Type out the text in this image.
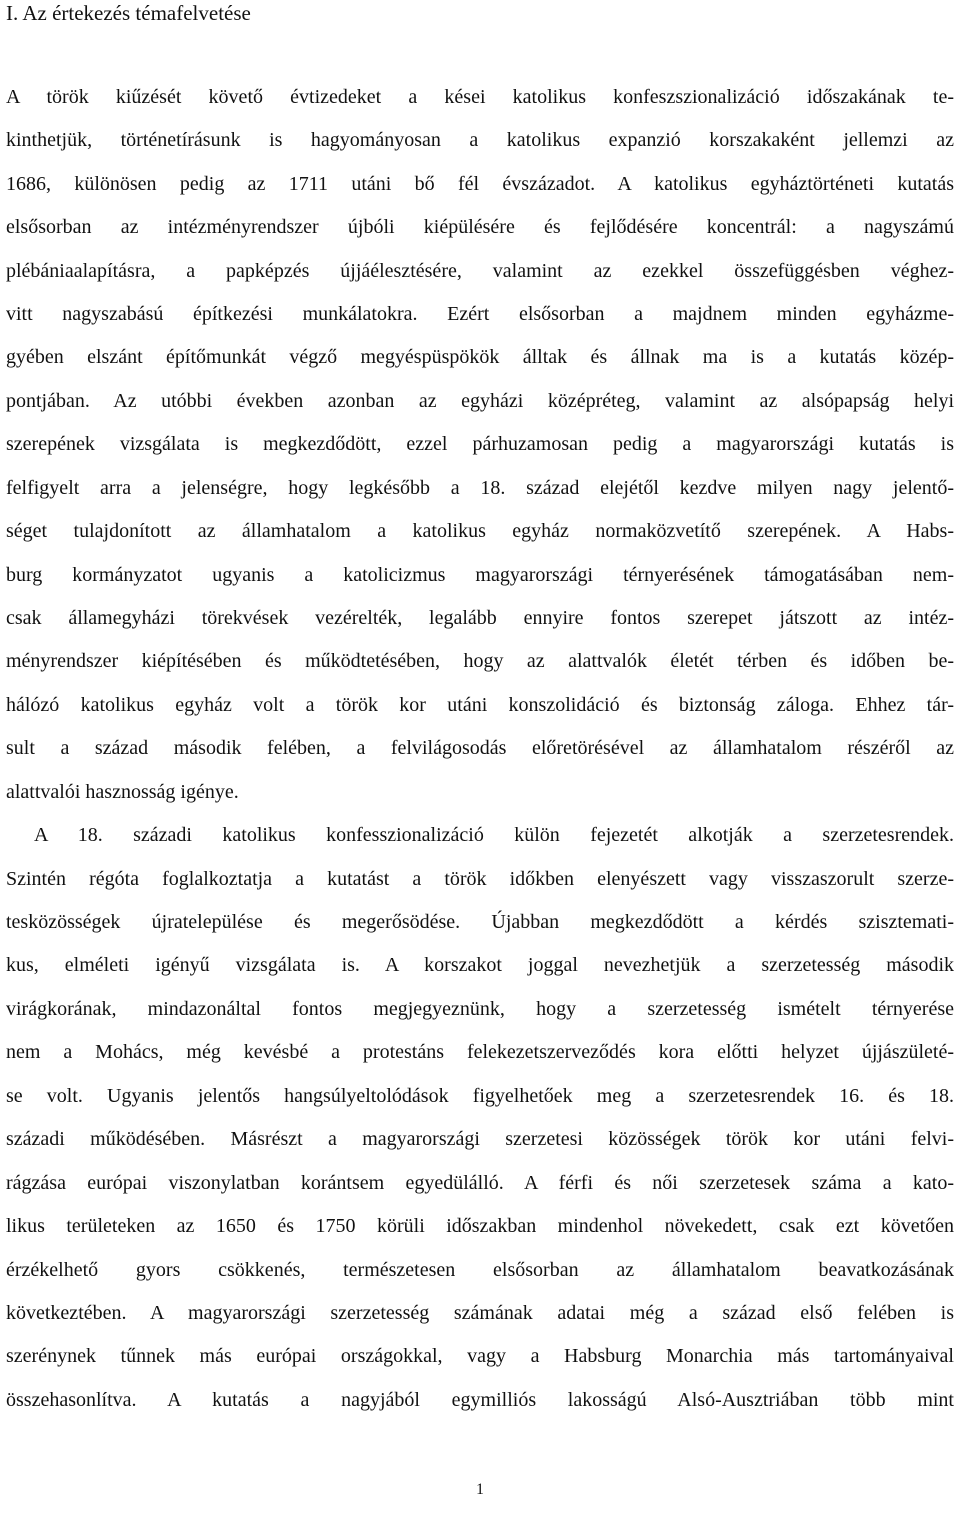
I. Az értekezés témafelvetése
A török kiűzését követő évtizedeket a kései katolikus konfeszszionalizáció időszakának te-
kinthetjük, történetírásunk is hagyományosan a katolikus expanzió korszakaként jellemzi az
1686, különösen pedig az 1711 utáni bő fél évszázadot. A katolikus egyháztörténeti kutatás
elsősorban az intézményrendszer újbóli kiépülésére és fejlődésére koncentrál: a nagyszámú
plébániaalapításra, a papképzés újjáélesztésére, valamint az ezekkel összefüggésben véghez-
vitt nagyszabású építkezési munkálatokra. Ezért elsősorban a majdnem minden egyházme-
gyében elszánt építőmunkát végző megyéspüspökök álltak és állnak ma is a kutatás közép-
pontjában. Az utóbbi években azonban az egyházi középréteg, valamint az alsópapság helyi
szerepének vizsgálata is megkezdődött, ezzel párhuzamosan pedig a magyarországi kutatás is
felfigyelt arra a jelenségre, hogy legkésőbb a 18. század elejétől kezdve milyen nagy jelentő-
séget tulajdonított az államhatalom a katolikus egyház normaközvetítő szerepének. A Habs-
burg kormányzatot ugyanis a katolicizmus magyarországi térnyerésének támogatásában nem-
csak államegyházi törekvések vezérelték, legalább ennyire fontos szerepet játszott az intéz-
ményrendszer kiépítésében és működtetésében, hogy az alattvalók életét térben és időben be-
hálózó katolikus egyház volt a török kor utáni konszolidáció és biztonság záloga. Ehhez tár-
sult a század második felében, a felvilágosodás előretörésével az államhatalom részéről az
alattvalói hasznosság igénye.
A 18. századi katolikus konfesszionalizáció külön fejezetét alkotják a szerzetesrendek.
Szintén régóta foglalkoztatja a kutatást a török időkben elenyészett vagy visszaszorult szerze-
tesközösségek újratelepülése és megerősödése. Újabban megkezdődött a kérdés szisztemati-
kus, elméleti igényű vizsgálata is. A korszakot joggal nevezhetjük a szerzetesség második
virágkorának, mindazonáltal fontos megjegyeznünk, hogy a szerzetesség ismételt térnyerése
nem a Mohács, még kevésbé a protestáns felekezetszerveződés kora előtti helyzet újjászületé-
se volt. Ugyanis jelentős hangsúlyeltolódások figyelhetőek meg a szerzetesrendek 16. és 18.
századi működésében. Másrészt a magyarországi szerzetesi közösségek török kor utáni felvi-
rágzása európai viszonylatban korántsem egyedülálló. A férfi és női szerzetesek száma a kato-
likus területeken az 1650 és 1750 körüli időszakban mindenhol növekedett, csak ezt követően
érzékelhető gyors csökkenés, természetesen elsősorban az államhatalom beavatkozásának
következtében. A magyarországi szerzetesség számának adatai még a század első felében is
szerénynek tűnnek más európai országokkal, vagy a Habsburg Monarchia más tartományaival
összehasonlítva. A kutatás a nagyjából egymilliós lakosságú Alsó-Ausztriában több mint
1
